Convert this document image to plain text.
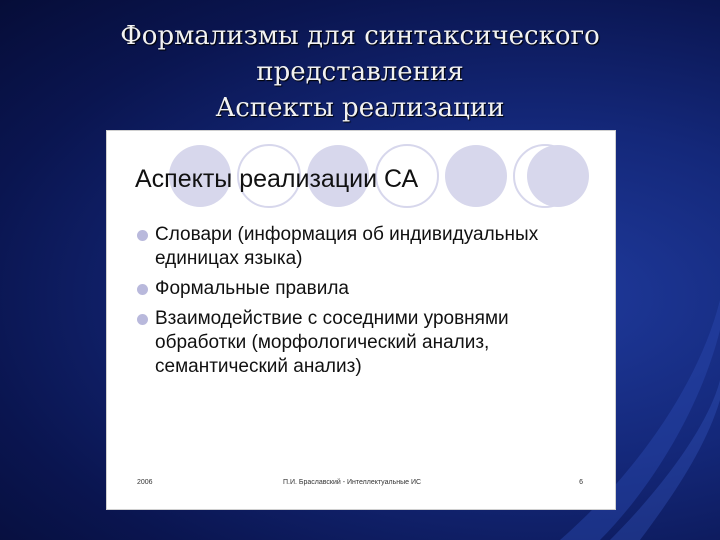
Формализмы для синтаксического
представления
Аспекты реализации
Аспекты реализации СА
Словари (информация об индивидуальных единицах языка)
Формальные правила
Взаимодействие с соседними уровнями обработки (морфологический анализ, семантический анализ)
2006	П.И. Браславский - Интеллектуальные ИС	6
